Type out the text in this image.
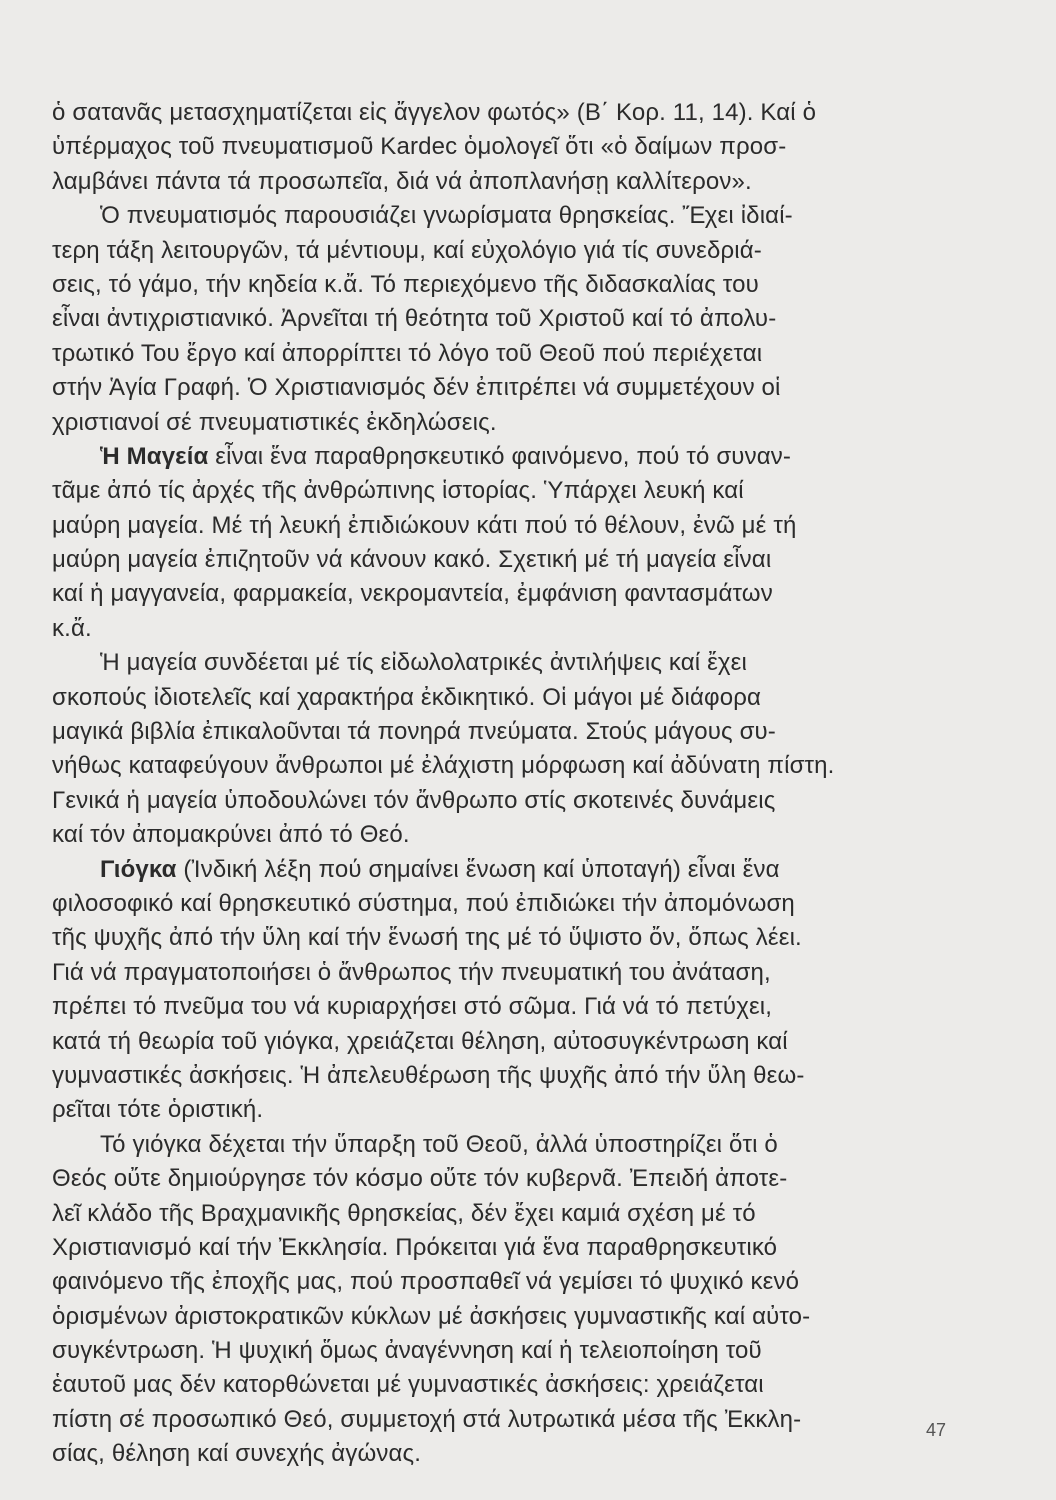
ὁ σατανᾶς μετασχηματίζεται εἰς ἄγγελον φωτός» (Β΄ Κορ. 11, 14). Καί ὁ
ὑπέρμαχος τοῦ πνευματισμοῦ Kardec ὁμολογεῖ ὅτι «ὁ δαίμων προσ-
λαμβάνει πάντα τά προσωπεῖα, διά νά ἀποπλανήσῃ καλλίτερον».
Ὁ πνευματισμός παρουσιάζει γνωρίσματα θρησκείας. Ἔχει ἰδιαί-
τερη τάξη λειτουργῶν, τά μέντιουμ, καί εὐχολόγιο γιά τίς συνεδριά-
σεις, τό γάμο, τήν κηδεία κ.ἄ. Τό περιεχόμενο τῆς διδασκαλίας του
εἶναι ἀντιχριστιανικό. Ἀρνεῖται τή θεότητα τοῦ Χριστοῦ καί τό ἀπολυ-
τρωτικό Του ἔργο καί ἀπορρίπτει τό λόγο τοῦ Θεοῦ πού περιέχεται
στήν Ἁγία Γραφή. Ὁ Χριστιανισμός δέν ἐπιτρέπει νά συμμετέχουν οἱ
χριστιανοί σέ πνευματιστικές ἐκδηλώσεις.
Ἡ Μαγεία εἶναι ἕνα παραθρησκευτικό φαινόμενο, πού τό συναν-
τᾶμε ἀπό τίς ἀρχές τῆς ἀνθρώπινης ἱστορίας. Ὑπάρχει λευκή καί
μαύρη μαγεία. Μέ τή λευκή ἐπιδιώκουν κάτι πού τό θέλουν, ἐνῶ μέ τή
μαύρη μαγεία ἐπιζητοῦν νά κάνουν κακό. Σχετική μέ τή μαγεία εἶναι
καί ἡ μαγγανεία, φαρμακεία, νεκρομαντεία, ἐμφάνιση φαντασμάτων
κ.ἄ.
Ἡ μαγεία συνδέεται μέ τίς εἰδωλολατρικές ἀντιλήψεις καί ἔχει
σκοπούς ἰδιοτελεῖς καί χαρακτήρα ἐκδικητικό. Οἱ μάγοι μέ διάφορα
μαγικά βιβλία ἐπικαλοῦνται τά πονηρά πνεύματα. Στούς μάγους συ-
νήθως καταφεύγουν ἄνθρωποι μέ ἐλάχιστη μόρφωση καί ἀδύνατη πίστη.
Γενικά ἡ μαγεία ὑποδουλώνει τόν ἄνθρωπο στίς σκοτεινές δυνάμεις
καί τόν ἀπομακρύνει ἀπό τό Θεό.
Γιόγκα (Ἰνδική λέξη πού σημαίνει ἕνωση καί ὑποταγή) εἶναι ἕνα
φιλοσοφικό καί θρησκευτικό σύστημα, πού ἐπιδιώκει τήν ἀπομόνωση
τῆς ψυχῆς ἀπό τήν ὕλη καί τήν ἕνωσή της μέ τό ὕψιστο ὄν, ὅπως λέει.
Γιά νά πραγματοποιήσει ὁ ἄνθρωπος τήν πνευματική του ἀνάταση,
πρέπει τό πνεῦμα του νά κυριαρχήσει στό σῶμα. Γιά νά τό πετύχει,
κατά τή θεωρία τοῦ γιόγκα, χρειάζεται θέληση, αὐτοσυγκέντρωση καί
γυμναστικές ἀσκήσεις. Ἡ ἀπελευθέρωση τῆς ψυχῆς ἀπό τήν ὕλη θεω-
ρεῖται τότε ὁριστική.
Τό γιόγκα δέχεται τήν ὕπαρξη τοῦ Θεοῦ, ἀλλά ὑποστηρίζει ὅτι ὁ
Θεός οὔτε δημιούργησε τόν κόσμο οὔτε τόν κυβερνᾶ. Ἐπειδή ἀποτε-
λεῖ κλάδο τῆς Βραχμανικῆς θρησκείας, δέν ἔχει καμιά σχέση μέ τό
Χριστιανισμό καί τήν Ἐκκλησία. Πρόκειται γιά ἕνα παραθρησκευτικό
φαινόμενο τῆς ἐποχῆς μας, πού προσπαθεῖ νά γεμίσει τό ψυχικό κενό
ὁρισμένων ἀριστοκρατικῶν κύκλων μέ ἀσκήσεις γυμναστικῆς καί αὐτο-
συγκέντρωση. Ἡ ψυχική ὅμως ἀναγέννηση καί ἡ τελειοποίηση τοῦ
ἑαυτοῦ μας δέν κατορθώνεται μέ γυμναστικές ἀσκήσεις: χρειάζεται
πίστη σέ προσωπικό Θεό, συμμετοχή στά λυτρωτικά μέσα τῆς Ἐκκλη-
σίας, θέληση καί συνεχής ἀγώνας.
47
